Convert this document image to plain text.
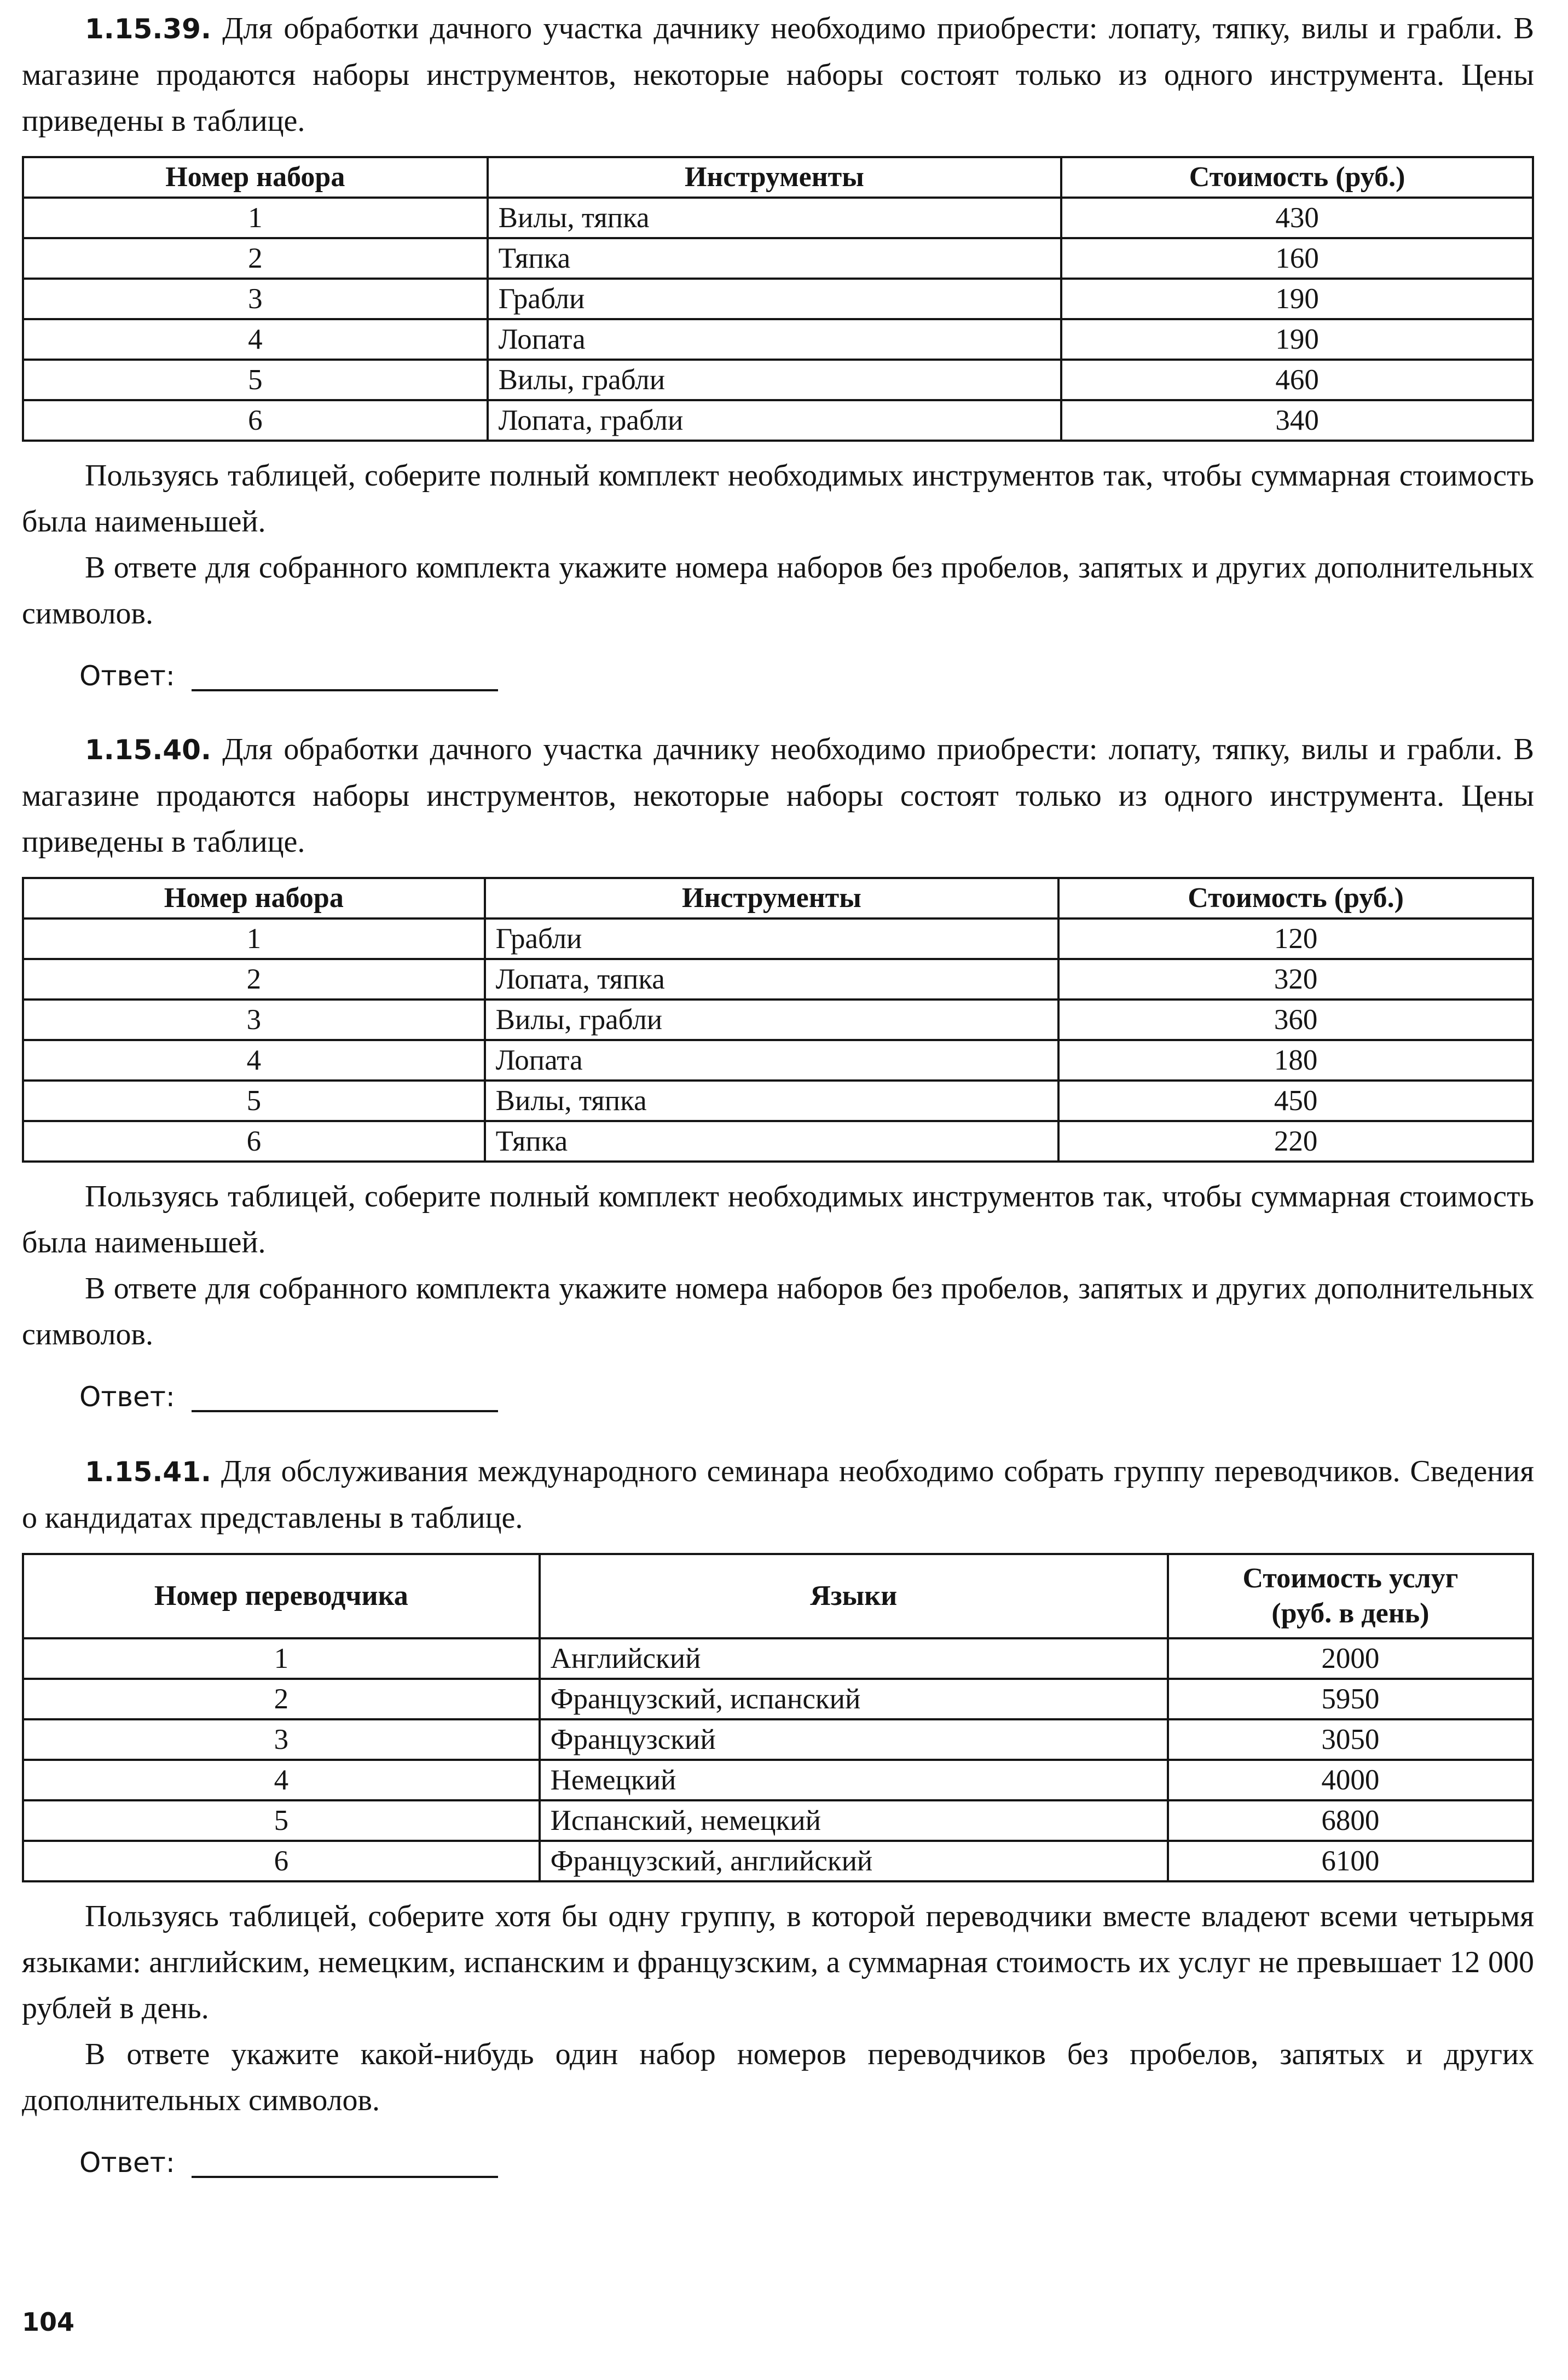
1.15.39. Для обработки дачного участка дачнику необходимо приобрести: лопату, тяпку, вилы и грабли. В магазине продаются наборы инструментов, некоторые наборы состоят только из одного инструмента. Цены приведены в таблице.

Номер набора	Инструменты	Стоимость (руб.)
1	Вилы, тяпка	430
2	Тяпка	160
3	Грабли	190
4	Лопата	190
5	Вилы, грабли	460
6	Лопата, грабли	340

Пользуясь таблицей, соберите полный комплект необходимых инструментов так, чтобы суммарная стоимость была наименьшей.

В ответе для собранного комплекта укажите номера наборов без пробелов, запятых и других дополнительных символов.

Ответ:

1.15.40. Для обработки дачного участка дачнику необходимо приобрести: лопату, тяпку, вилы и грабли. В магазине продаются наборы инструментов, некоторые наборы состоят только из одного инструмента. Цены приведены в таблице.

Номер набора	Инструменты	Стоимость (руб.)
1	Грабли	120
2	Лопата, тяпка	320
3	Вилы, грабли	360
4	Лопата	180
5	Вилы, тяпка	450
6	Тяпка	220

Пользуясь таблицей, соберите полный комплект необходимых инструментов так, чтобы суммарная стоимость была наименьшей.

В ответе для собранного комплекта укажите номера наборов без пробелов, запятых и других дополнительных символов.

Ответ:

1.15.41. Для обслуживания международного семинара необходимо собрать группу переводчиков. Сведения о кандидатах представлены в таблице.

Номер переводчика	Языки	Стоимость услуг
(руб. в день)
1	Английский	2000
2	Французский, испанский	5950
3	Французский	3050
4	Немецкий	4000
5	Испанский, немецкий	6800
6	Французский, английский	6100

Пользуясь таблицей, соберите хотя бы одну группу, в которой переводчики вместе владеют всеми четырьмя языками: английским, немецким, испанским и французским, а суммарная стоимость их услуг не превышает 12 000 рублей в день.

В ответе укажите какой-нибудь один набор номеров переводчиков без пробелов, запятых и других дополнительных символов.

Ответ:
104
